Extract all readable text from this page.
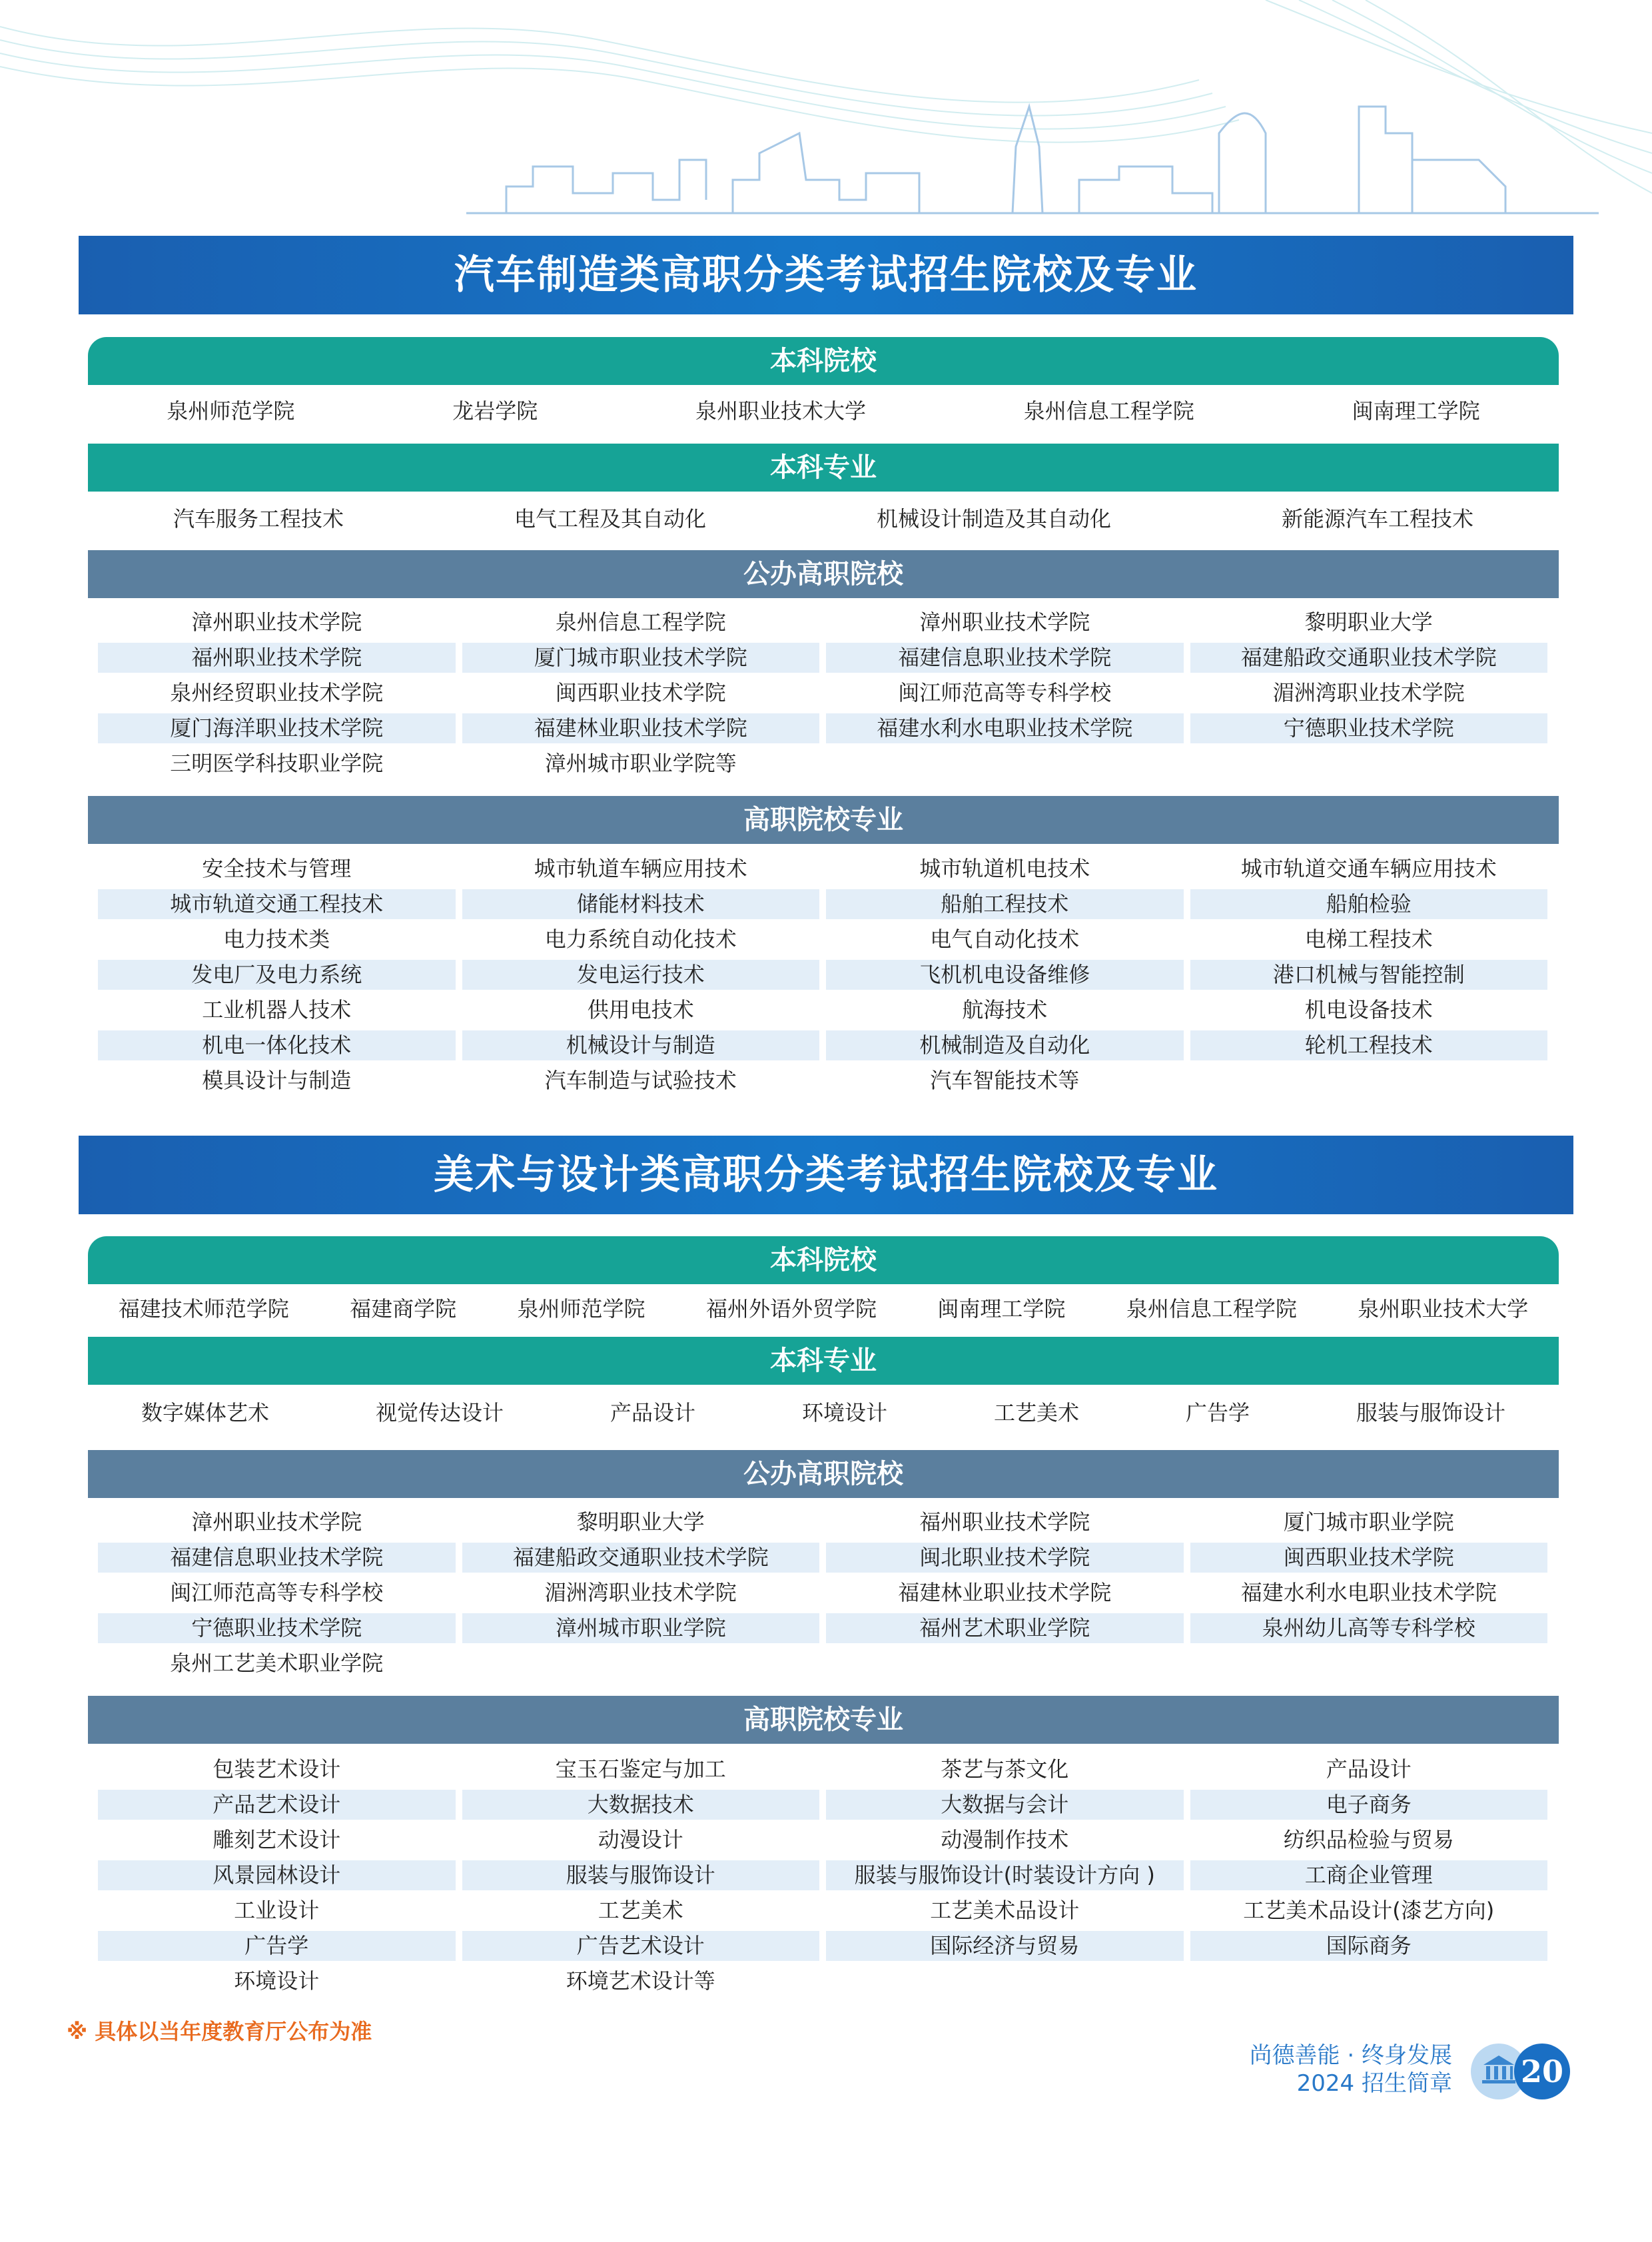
汽车制造类高职分类考试招生院校及专业
本科院校
泉州师范学院	龙岩学院	泉州职业技术大学	泉州信息工程学院	闽南理工学院
本科专业
汽车服务工程技术	电气工程及其自动化	机械设计制造及其自动化	新能源汽车工程技术
公办高职院校
漳州职业技术学院	泉州信息工程学院	漳州职业技术学院	黎明职业大学
福州职业技术学院	厦门城市职业技术学院	福建信息职业技术学院	福建船政交通职业技术学院
泉州经贸职业技术学院	闽西职业技术学院	闽江师范高等专科学校	湄洲湾职业技术学院
厦门海洋职业技术学院	福建林业职业技术学院	福建水利水电职业技术学院	宁德职业技术学院
三明医学科技职业学院	漳州城市职业学院等
高职院校专业
安全技术与管理	城市轨道车辆应用技术	城市轨道机电技术	城市轨道交通车辆应用技术
城市轨道交通工程技术	储能材料技术	船舶工程技术	船舶检验
电力技术类	电力系统自动化技术	电气自动化技术	电梯工程技术
发电厂及电力系统	发电运行技术	飞机机电设备维修	港口机械与智能控制
工业机器人技术	供用电技术	航海技术	机电设备技术
机电一体化技术	机械设计与制造	机械制造及自动化	轮机工程技术
模具设计与制造	汽车制造与试验技术	汽车智能技术等
美术与设计类高职分类考试招生院校及专业
本科院校
福建技术师范学院	福建商学院	泉州师范学院	福州外语外贸学院	闽南理工学院	泉州信息工程学院	泉州职业技术大学
本科专业
数字媒体艺术	视觉传达设计	产品设计	环境设计	工艺美术	广告学	服装与服饰设计
公办高职院校
漳州职业技术学院	黎明职业大学	福州职业技术学院	厦门城市职业学院
福建信息职业技术学院	福建船政交通职业技术学院	闽北职业技术学院	闽西职业技术学院
闽江师范高等专科学校	湄洲湾职业技术学院	福建林业职业技术学院	福建水利水电职业技术学院
宁德职业技术学院	漳州城市职业学院	福州艺术职业学院	泉州幼儿高等专科学校
泉州工艺美术职业学院
高职院校专业
包装艺术设计	宝玉石鉴定与加工	茶艺与茶文化	产品设计
产品艺术设计	大数据技术	大数据与会计	电子商务
雕刻艺术设计	动漫设计	动漫制作技术	纺织品检验与贸易
风景园林设计	服装与服饰设计	服装与服饰设计(时装设计方向 )	工商企业管理
工业设计	工艺美术	工艺美术品设计	工艺美术品设计(漆艺方向)
广告学	广告艺术设计	国际经济与贸易	国际商务
环境设计	环境艺术设计等
※ 具体以当年度教育厅公布为准
尚德善能 · 终身发展
2024 招生简章 20
